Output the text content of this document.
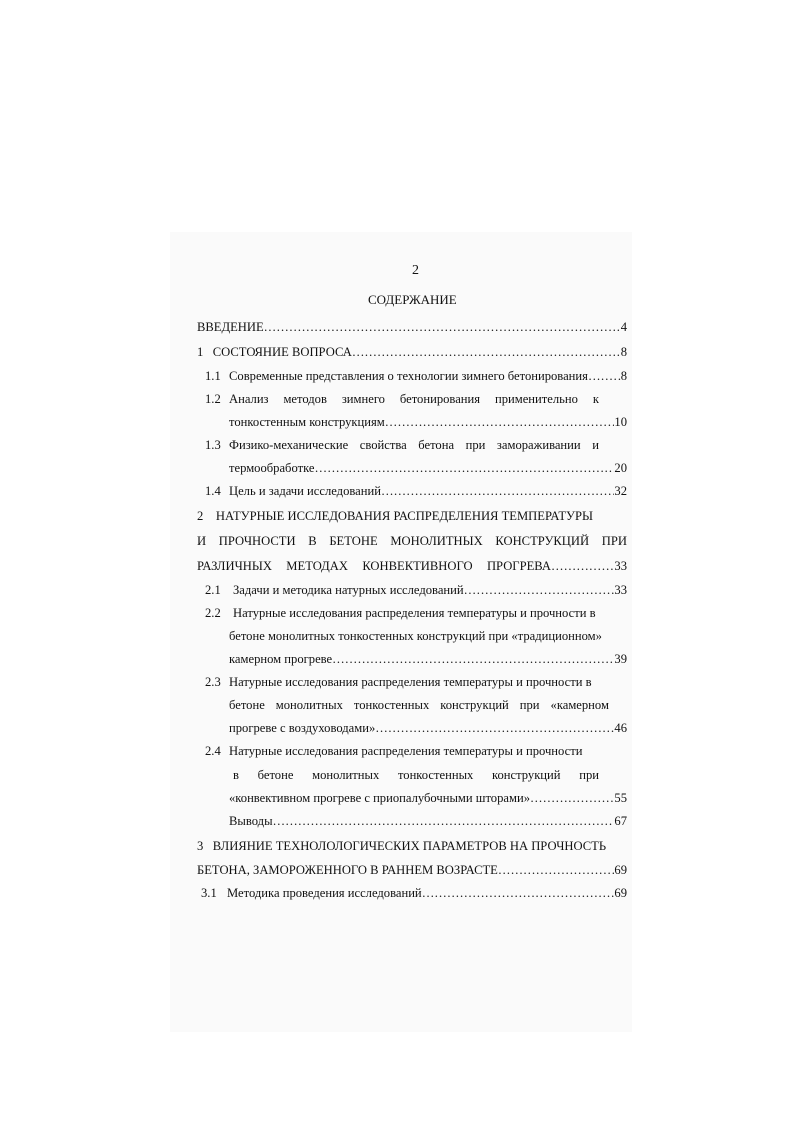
2
СОДЕРЖАНИЕ
ВВЕДЕНИЕ ……………………………………………………………………………………………………………………………………………………	4
1 СОСТОЯНИЕ ВОПРОСА ……………………………………………………………………………………………………………………………………………………	8
1.1 Современные представления о технологии зимнего бетонирования ……………………………………………………………………………………………………………………………………………………	8
1.2 Анализ методов зимнего бетонирования применительно к
тонкостенным конструкциям ……………………………………………………………………………………………………………………………………………………	10
1.3 Физико-механические свойства бетона при замораживании и
термообработке ……………………………………………………………………………………………………………………………………………………	20
1.4 Цель и задачи исследований ……………………………………………………………………………………………………………………………………………………	32
2 НАТУРНЫЕ ИССЛЕДОВАНИЯ РАСПРЕДЕЛЕНИЯ ТЕМПЕРАТУРЫ
И ПРОЧНОСТИ В БЕТОНЕ МОНОЛИТНЫХ КОНСТРУКЦИЙ ПРИ
РАЗЛИЧНЫХ МЕТОДАХ КОНВЕКТИВНОГО ПРОГРЕВА ……………………………………………………………………………………………………………………………………………………	33
2.1 Задачи и методика натурных исследований ……………………………………………………………………………………………………………………………………………………	33
2.2 Натурные исследования распределения температуры и прочности в
бетоне монолитных тонкостенных конструкций при «традиционном»
камерном прогреве ……………………………………………………………………………………………………………………………………………………	39
2.3 Натурные исследования распределения температуры и прочности в
бетоне монолитных тонкостенных конструкций при «камерном
прогреве с воздуховодами» ……………………………………………………………………………………………………………………………………………………	46
2.4 Натурные исследования распределения температуры и прочности
в бетоне монолитных тонкостенных конструкций при
«конвективном прогреве с приопалубочными шторами» ……………………………………………………………………………………………………………………………………………………	55
Выводы ……………………………………………………………………………………………………………………………………………………	67
3 ВЛИЯНИЕ ТЕХНОЛОЛОГИЧЕСКИХ ПАРАМЕТРОВ НА ПРОЧНОСТЬ
БЕТОНА, ЗАМОРОЖЕННОГО В РАННЕМ ВОЗРАСТЕ ……………………………………………………………………………………………………………………………………………………	69
3.1 Методика проведения исследований ……………………………………………………………………………………………………………………………………………………	69
